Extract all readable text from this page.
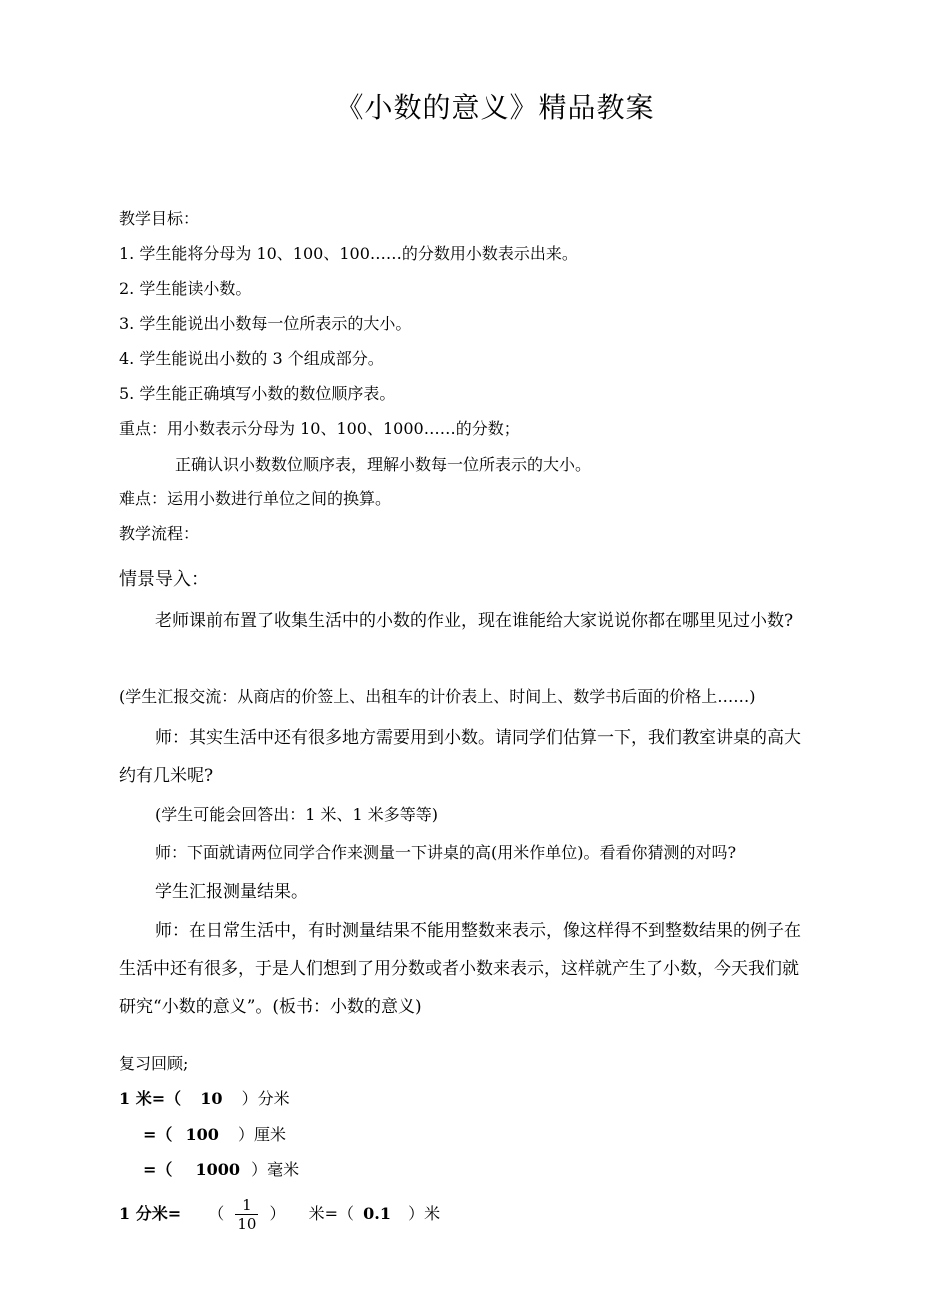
《小数的意义》精品教案
教学目标：
1. 学生能将分母为 10、100、100……的分数用小数表示出来。
2. 学生能读小数。
3. 学生能说出小数每一位所表示的大小。
4. 学生能说出小数的 3 个组成部分。
5. 学生能正确填写小数的数位顺序表。
重点：用小数表示分母为 10、100、1000……的分数；
正确认识小数数位顺序表，理解小数每一位所表示的大小。
难点：运用小数进行单位之间的换算。
教学流程：
情景导入：
老师课前布置了收集生活中的小数的作业，现在谁能给大家说说你都在哪里见过小数?
(学生汇报交流：从商店的价签上、出租车的计价表上、时间上、数学书后面的价格上……)
师：其实生活中还有很多地方需要用到小数。请同学们估算一下，我们教室讲桌的高大约有几米呢?
(学生可能会回答出：1 米、1 米多等等)
师：下面就请两位同学合作来测量一下讲桌的高(用米作单位)。看看你猜测的对吗?
学生汇报测量结果。
师：在日常生活中，有时测量结果不能用整数来表示，像这样得不到整数结果的例子在生活中还有很多，于是人们想到了用分数或者小数来表示，这样就产生了小数，今天我们就研究“小数的意义”。(板书：小数的意义)
复习回顾;
1 米=（ 10 ）分米
=（ 100 ）厘米
=（ 1000 ）毫米
1 分米= （ $\frac{1}{10}$ ） 米=（ 0.1 ）米
